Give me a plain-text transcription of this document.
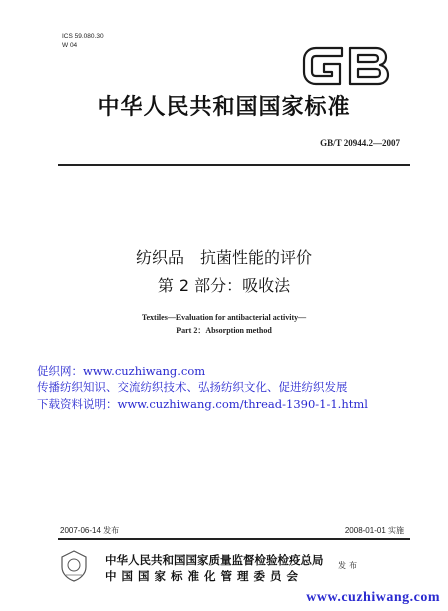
ICS 59.080.30
W 04
中华人民共和国国家标准
GB/T 20944.2—2007
纺织品　抗菌性能的评价
第 2 部分：吸收法
Textiles—Evaluation for antibacterial activity—
Part 2：Absorption method
促织网：www.cuzhiwang.com
传播纺织知识、交流纺织技术、弘扬纺织文化、促进纺织发展
下载资料说明：www.cuzhiwang.com/thread-1390-1-1.html
2007-06-14 发布	2008-01-01 实施
中华人民共和国国家质量监督检验检疫总局
中国国家标准化管理委员会
发布
www.cuzhiwang.com
